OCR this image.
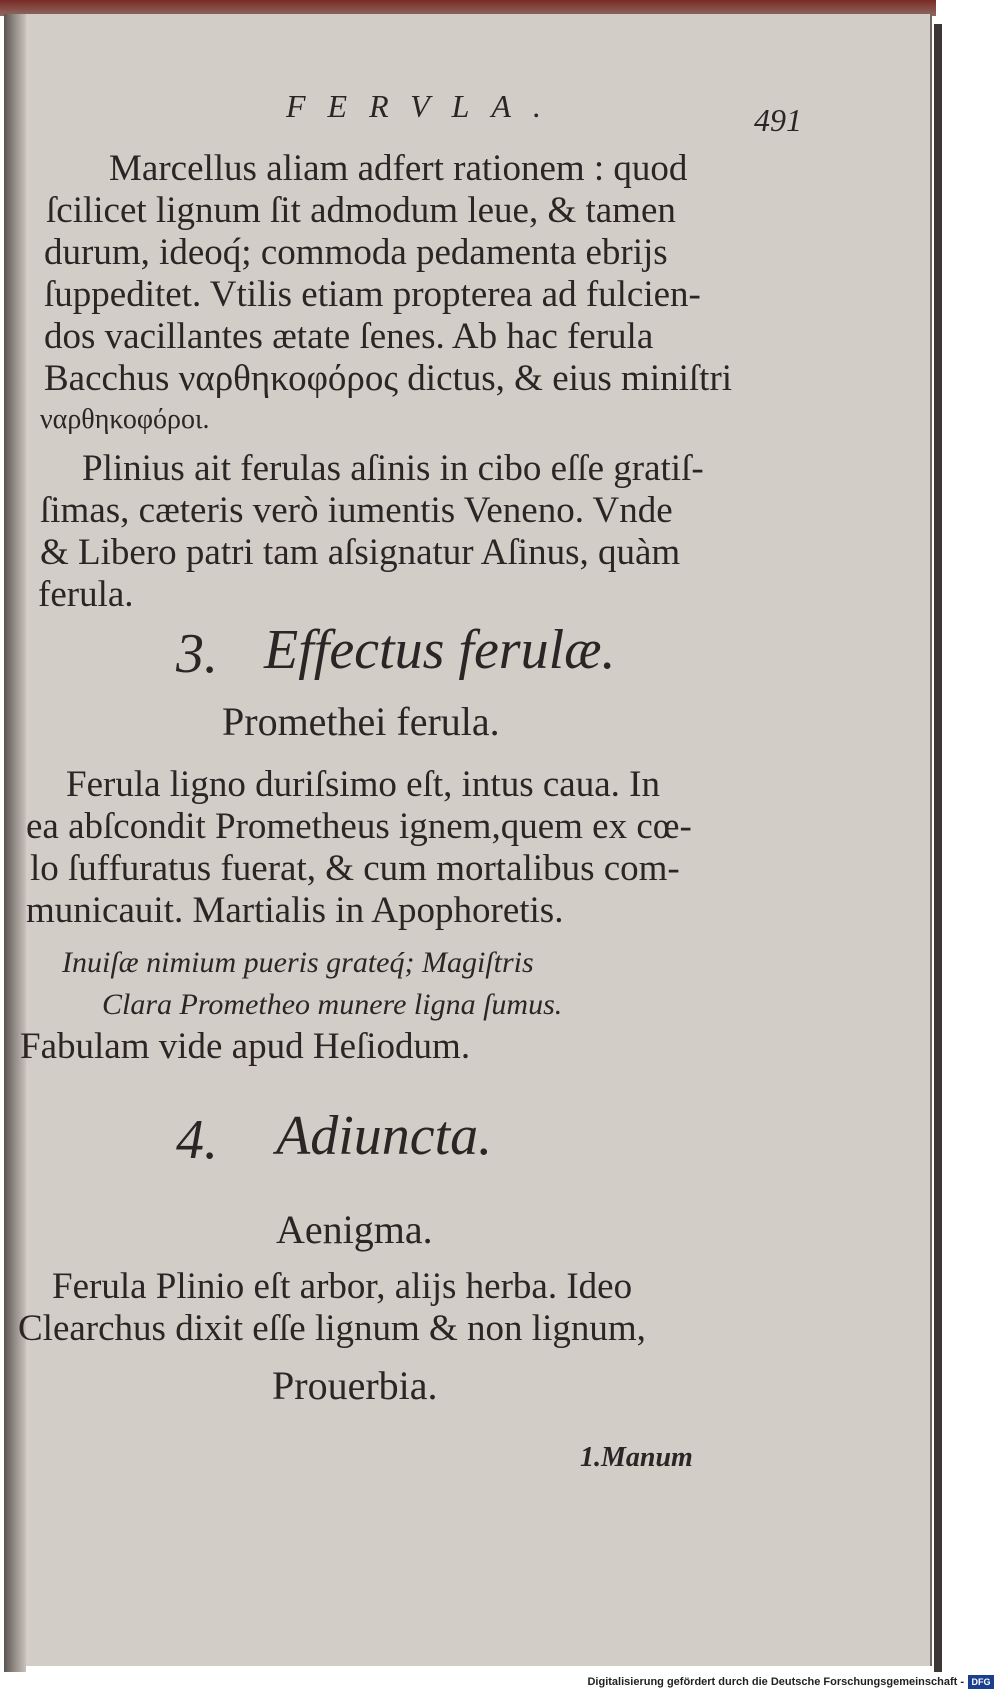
FERVLA.	491
Marcellus aliam adfert rationem : quod
ſcilicet lignum ſit admodum leue, & tamen
durum, ideoq́; commoda pedamenta ebrijs
ſuppeditet. Vtilis etiam propterea ad fulcien-
dos vacillantes ætate ſenes. Ab hac ferula
Bacchus ναρθηκοφόρος dictus, & eius miniſtri
ναρθηκοφόροι.
Plinius ait ferulas aſinis in cibo eſſe gratiſ-
ſimas, cæteris verò iumentis Veneno. Vnde
& Libero patri tam aſsignatur Aſinus, quàm
ferula.
3. Effectus ferulæ.
Promethei ferula.
Ferula ligno duriſsimo eſt, intus caua. In
ea abſcondit Prometheus ignem,quem ex cœ-
lo ſuffuratus fuerat, & cum mortalibus com-
municauit. Martialis in Apophoretis.
Inuiſæ nimium pueris grateq́; Magiſtris
Clara Prometheo munere ligna ſumus.
Fabulam vide apud Heſiodum.
4. Adiuncta.
Aenigma.
Ferula Plinio eſt arbor, alijs herba. Ideo
Clearchus dixit eſſe lignum & non lignum,
Prouerbia.
1.Manum
Digitalisierung gefördert durch die Deutsche Forschungsgemeinschaft - DFG
